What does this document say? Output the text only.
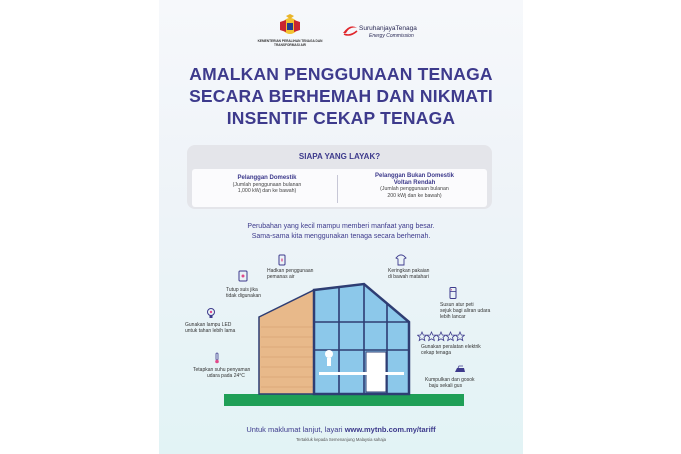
KEMENTERIAN PERALIHAN TENAGA DAN TRANSFORMASI AIR
SuruhanjayaTenaga
Energy Commission
AMALKAN PENGGUNAAN TENAGA
SECARA BERHEMAH DAN NIKMATI
INSENTIF CEKAP TENAGA
SIAPA YANG LAYAK?
Pelanggan Domestik
(Jumlah penggunaan bulanan
1,000 kWj dan ke bawah)
Pelanggan Bukan Domestik
Voltan Rendah
(Jumlah penggunaan bulanan
200 kWj dan ke bawah)
Perubahan yang kecil mampu memberi manfaat yang besar.
Sama-sama kita menggunakan tenaga secara berhemah.
Tutup suis jika
tidak digunakan
Hadkan penggunaan
pemanas air
Keringkan pakaian
di bawah matahari
Gunakan lampu LED
untuk tahan lebih lama
Susun atur peti
sejuk bagi aliran udara
lebih lancar
Gunakan peralatan elektrik
cekap tenaga
Tetapkan suhu penyaman
udara pada 24°C
Kumpulkan dan gosok
baju sekali gus
Untuk maklumat lanjut, layari www.mytnb.com.my/tariff
Tertakluk kepada Semenanjung Malaysia sahaja
